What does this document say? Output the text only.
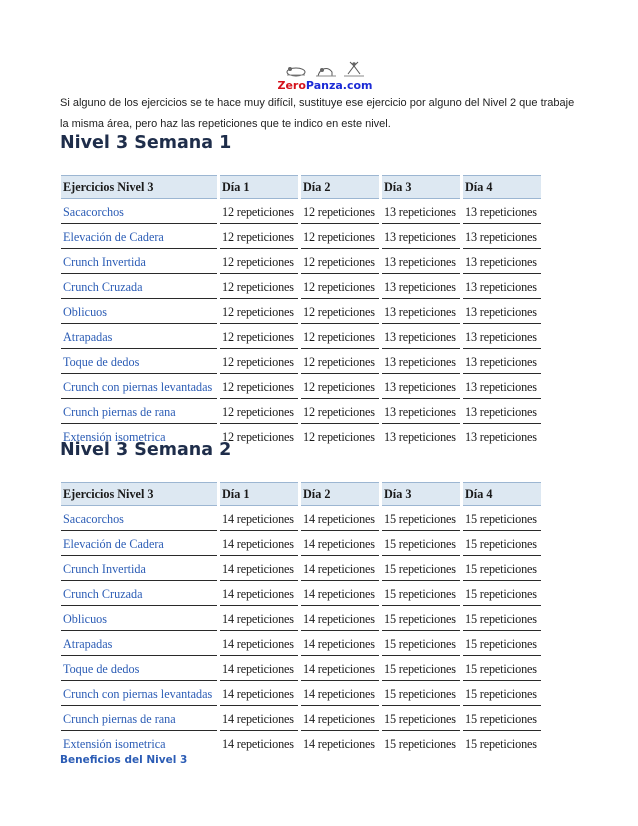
ZeroPanza.com

Si alguno de los ejercicios se te hace muy difícil, sustituye ese ejercicio por alguno del Nivel 2 que trabaje
la misma área, pero haz las repeticiones que te indico en este nivel.

Nivel 3 Semana 1
Ejercicios Nivel 3	Día 1	Día 2	Día 3	Día 4
Sacacorchos	12 repeticiones	12 repeticiones	13 repeticiones	13 repeticiones
Elevación de Cadera	12 repeticiones	12 repeticiones	13 repeticiones	13 repeticiones
Crunch Invertida	12 repeticiones	12 repeticiones	13 repeticiones	13 repeticiones
Crunch Cruzada	12 repeticiones	12 repeticiones	13 repeticiones	13 repeticiones
Oblicuos	12 repeticiones	12 repeticiones	13 repeticiones	13 repeticiones
Atrapadas	12 repeticiones	12 repeticiones	13 repeticiones	13 repeticiones
Toque de dedos	12 repeticiones	12 repeticiones	13 repeticiones	13 repeticiones
Crunch con piernas levantadas	12 repeticiones	12 repeticiones	13 repeticiones	13 repeticiones
Crunch piernas de rana	12 repeticiones	12 repeticiones	13 repeticiones	13 repeticiones
Extensión isometrica	12 repeticiones	12 repeticiones	13 repeticiones	13 repeticiones
Nivel 3 Semana 2
Ejercicios Nivel 3	Día 1	Día 2	Día 3	Día 4
Sacacorchos	14 repeticiones	14 repeticiones	15 repeticiones	15 repeticiones
Elevación de Cadera	14 repeticiones	14 repeticiones	15 repeticiones	15 repeticiones
Crunch Invertida	14 repeticiones	14 repeticiones	15 repeticiones	15 repeticiones
Crunch Cruzada	14 repeticiones	14 repeticiones	15 repeticiones	15 repeticiones
Oblicuos	14 repeticiones	14 repeticiones	15 repeticiones	15 repeticiones
Atrapadas	14 repeticiones	14 repeticiones	15 repeticiones	15 repeticiones
Toque de dedos	14 repeticiones	14 repeticiones	15 repeticiones	15 repeticiones
Crunch con piernas levantadas	14 repeticiones	14 repeticiones	15 repeticiones	15 repeticiones
Crunch piernas de rana	14 repeticiones	14 repeticiones	15 repeticiones	15 repeticiones
Extensión isometrica	14 repeticiones	14 repeticiones	15 repeticiones	15 repeticiones

Beneficios del Nivel 3
